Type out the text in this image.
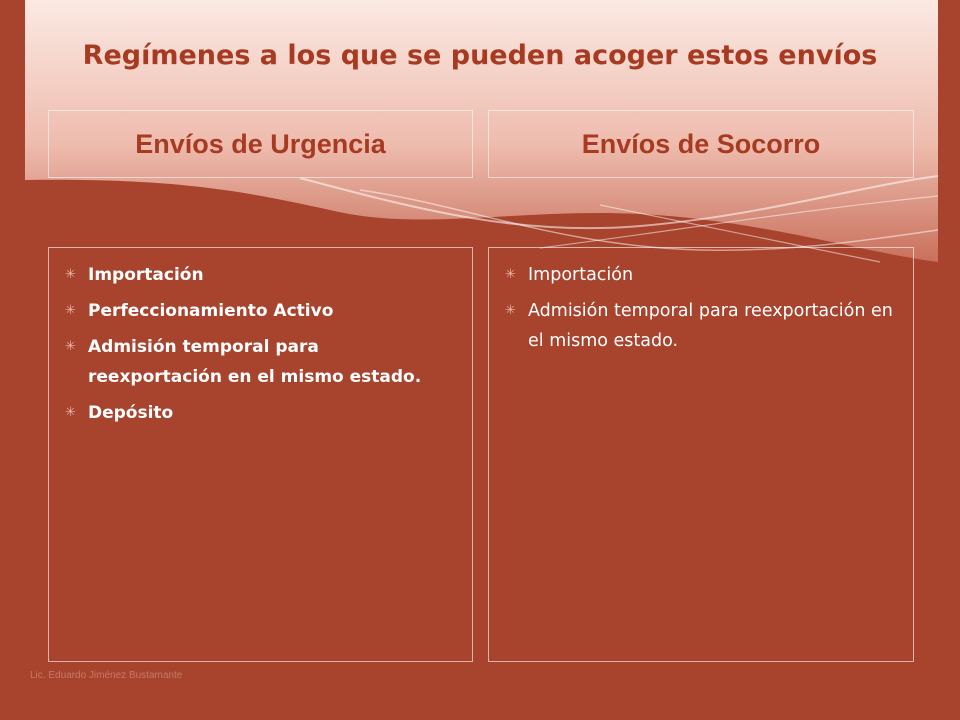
Regímenes a los que se pueden acoger estos envíos
Envíos de Urgencia	Envíos de Socorro
✳ Importación
✳ Perfeccionamiento Activo
✳ Admisión temporal para reexportación en el mismo estado.
✳ Depósito
✳ Importación
✳ Admisión temporal para reexportación en el mismo estado.
Lic. Eduardo Jiménez Bustamante
